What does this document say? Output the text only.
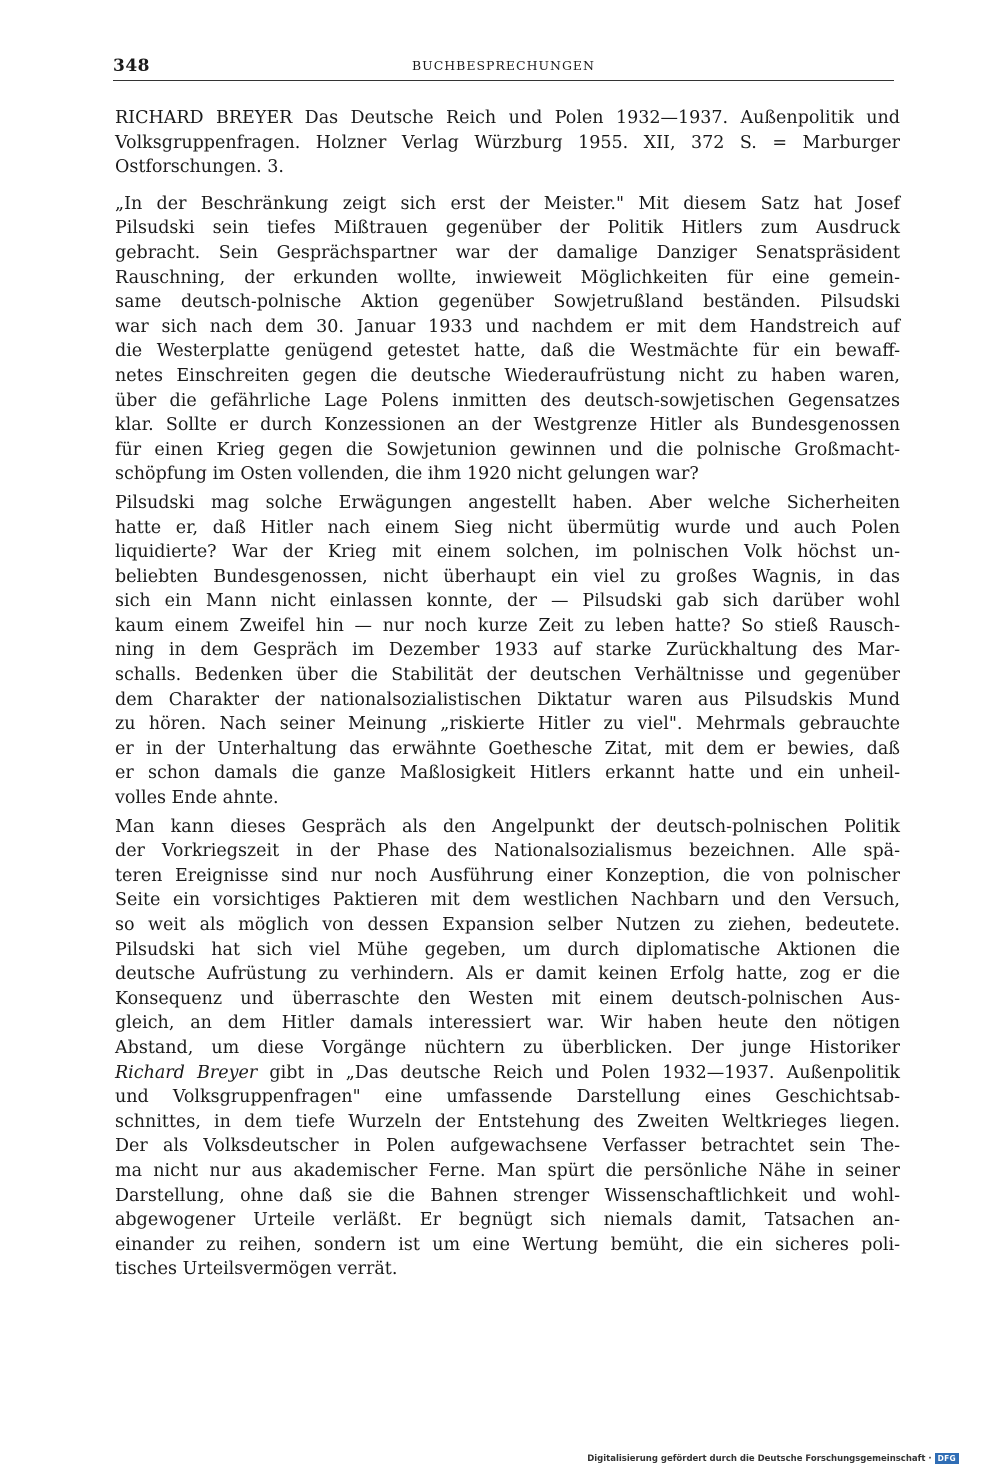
348	BUCHBESPRECHUNGEN
RICHARD BREYER Das Deutsche Reich und Polen 1932—1937. Außenpolitik und
Volksgruppenfragen. Holzner Verlag Würzburg 1955. XII, 372 S. = Marburger
Ostforschungen. 3.
„In der Beschränkung zeigt sich erst der Meister." Mit diesem Satz hat Josef
Pilsudski sein tiefes Mißtrauen gegenüber der Politik Hitlers zum Ausdruck
gebracht. Sein Gesprächspartner war der damalige Danziger Senatspräsident
Rauschning, der erkunden wollte, inwieweit Möglichkeiten für eine gemein-
same deutsch-polnische Aktion gegenüber Sowjetrußland beständen. Pilsudski
war sich nach dem 30. Januar 1933 und nachdem er mit dem Handstreich auf
die Westerplatte genügend getestet hatte, daß die Westmächte für ein bewaff-
netes Einschreiten gegen die deutsche Wiederaufrüstung nicht zu haben waren,
über die gefährliche Lage Polens inmitten des deutsch-sowjetischen Gegensatzes
klar. Sollte er durch Konzessionen an der Westgrenze Hitler als Bundesgenossen
für einen Krieg gegen die Sowjetunion gewinnen und die polnische Großmacht-
schöpfung im Osten vollenden, die ihm 1920 nicht gelungen war?
Pilsudski mag solche Erwägungen angestellt haben. Aber welche Sicherheiten
hatte er, daß Hitler nach einem Sieg nicht übermütig wurde und auch Polen
liquidierte? War der Krieg mit einem solchen, im polnischen Volk höchst un-
beliebten Bundesgenossen, nicht überhaupt ein viel zu großes Wagnis, in das
sich ein Mann nicht einlassen konnte, der — Pilsudski gab sich darüber wohl
kaum einem Zweifel hin — nur noch kurze Zeit zu leben hatte? So stieß Rausch-
ning in dem Gespräch im Dezember 1933 auf starke Zurückhaltung des Mar-
schalls. Bedenken über die Stabilität der deutschen Verhältnisse und gegenüber
dem Charakter der nationalsozialistischen Diktatur waren aus Pilsudskis Mund
zu hören. Nach seiner Meinung „riskierte Hitler zu viel". Mehrmals gebrauchte
er in der Unterhaltung das erwähnte Goethesche Zitat, mit dem er bewies, daß
er schon damals die ganze Maßlosigkeit Hitlers erkannt hatte und ein unheil-
volles Ende ahnte.
Man kann dieses Gespräch als den Angelpunkt der deutsch-polnischen Politik
der Vorkriegszeit in der Phase des Nationalsozialismus bezeichnen. Alle spä-
teren Ereignisse sind nur noch Ausführung einer Konzeption, die von polnischer
Seite ein vorsichtiges Paktieren mit dem westlichen Nachbarn und den Versuch,
so weit als möglich von dessen Expansion selber Nutzen zu ziehen, bedeutete.
Pilsudski hat sich viel Mühe gegeben, um durch diplomatische Aktionen die
deutsche Aufrüstung zu verhindern. Als er damit keinen Erfolg hatte, zog er die
Konsequenz und überraschte den Westen mit einem deutsch-polnischen Aus-
gleich, an dem Hitler damals interessiert war. Wir haben heute den nötigen
Abstand, um diese Vorgänge nüchtern zu überblicken. Der junge Historiker
Richard Breyer gibt in „Das deutsche Reich und Polen 1932—1937. Außenpolitik
und Volksgruppenfragen" eine umfassende Darstellung eines Geschichtsab-
schnittes, in dem tiefe Wurzeln der Entstehung des Zweiten Weltkrieges liegen.
Der als Volksdeutscher in Polen aufgewachsene Verfasser betrachtet sein The-
ma nicht nur aus akademischer Ferne. Man spürt die persönliche Nähe in seiner
Darstellung, ohne daß sie die Bahnen strenger Wissenschaftlichkeit und wohl-
abgewogener Urteile verläßt. Er begnügt sich niemals damit, Tatsachen an-
einander zu reihen, sondern ist um eine Wertung bemüht, die ein sicheres poli-
tisches Urteilsvermögen verrät.
Digitalisierung gefördert durch die Deutsche Forschungsgemeinschaft · DFG
